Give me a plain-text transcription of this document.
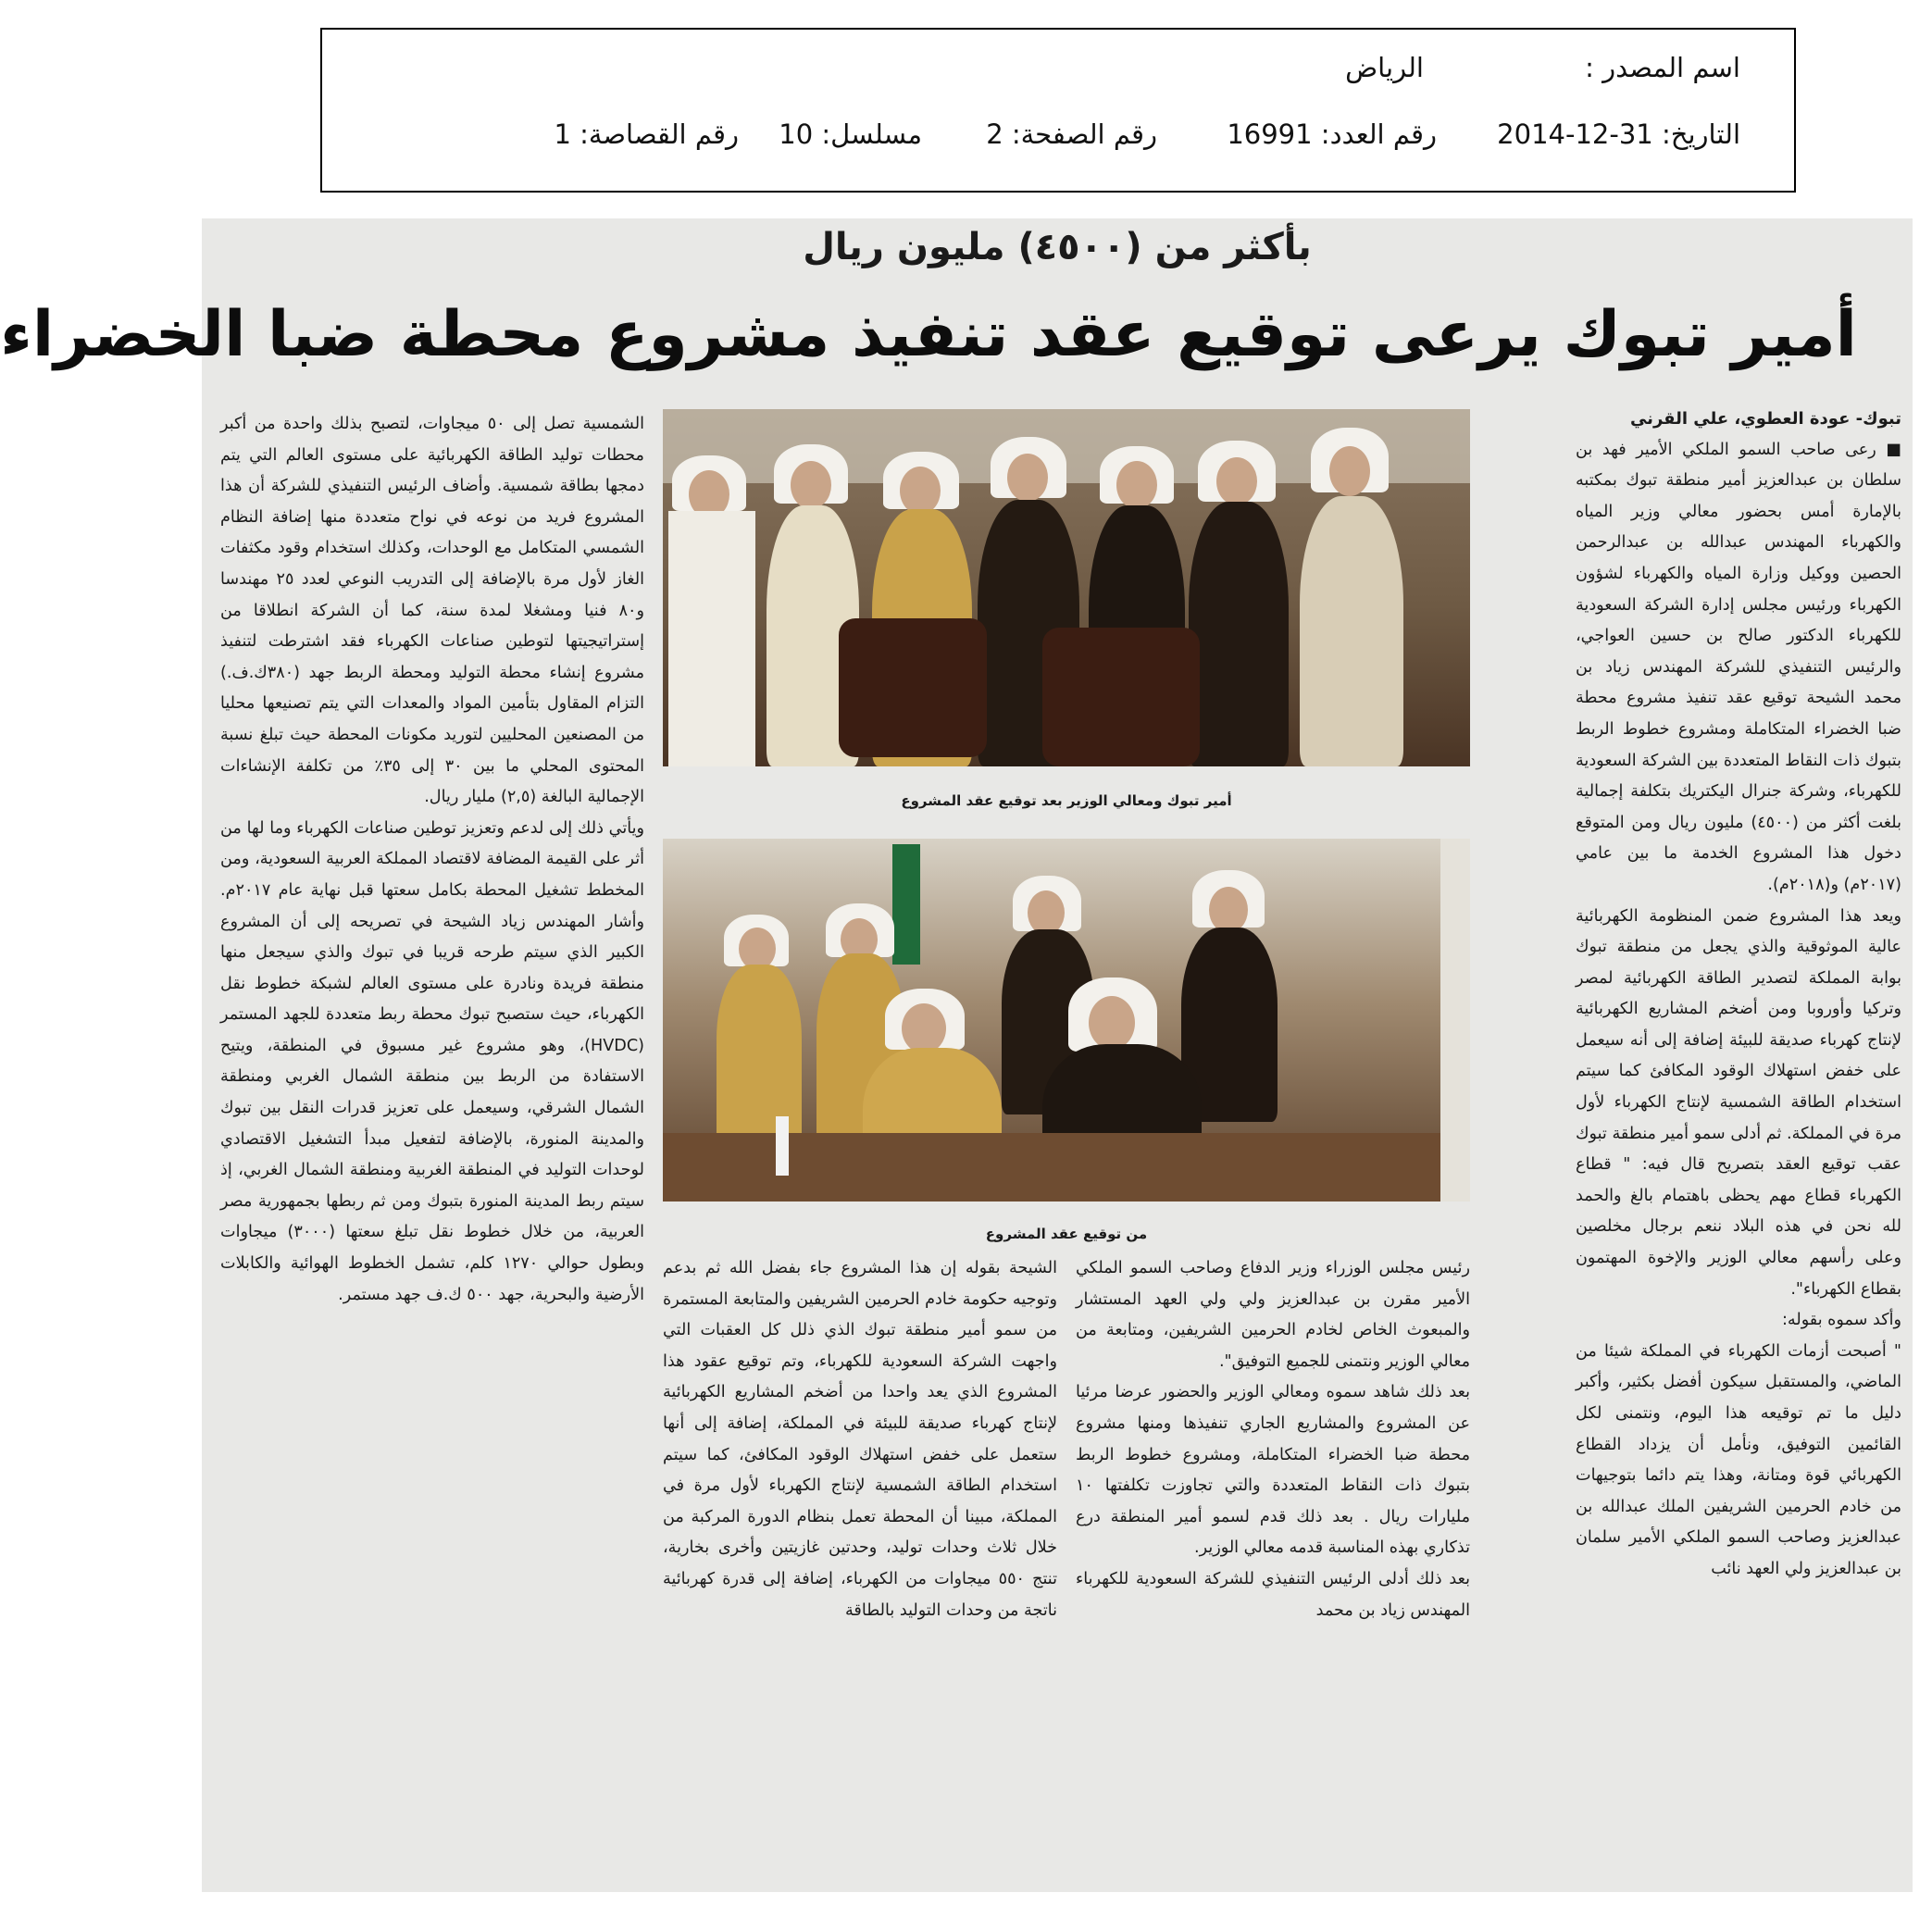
اسم المصدر :
الرياض
التاريخ: 31-12-2014
رقم العدد: 16991
رقم الصفحة: 2
مسلسل: 10
رقم القصاصة: 1
بأكثر من (٤٥٠٠) مليون ريال
أمير تبوك يرعى توقيع عقد تنفيذ مشروع محطة ضبا الخضراء

تبوك- عودة العطوي، علي القرني

■ رعى صاحب السمو الملكي الأمير فهد بن سلطان بن عبدالعزيز أمير منطقة تبوك بمكتبه بالإمارة أمس بحضور معالي وزير المياه والكهرباء المهندس عبدالله بن عبدالرحمن الحصين ووكيل وزارة المياه والكهرباء لشؤون الكهرباء ورئيس مجلس إدارة الشركة السعودية للكهرباء الدكتور صالح بن حسين العواجي، والرئيس التنفيذي للشركة المهندس زياد بن محمد الشيحة توقيع عقد تنفيذ مشروع محطة ضبا الخضراء المتكاملة ومشروع خطوط الربط بتبوك ذات النقاط المتعددة بين الشركة السعودية للكهرباء، وشركة جنرال اليكتريك بتكلفة إجمالية بلغت أكثر من (٤٥٠٠) مليون ريال ومن المتوقع دخول هذا المشروع الخدمة ما بين عامي (٢٠١٧م) و(٢٠١٨م).

ويعد هذا المشروع ضمن المنظومة الكهربائية عالية الموثوقية والذي يجعل من منطقة تبوك بوابة المملكة لتصدير الطاقة الكهربائية لمصر وتركيا وأوروبا ومن أضخم المشاريع الكهربائية لإنتاج كهرباء صديقة للبيئة إضافة إلى أنه سيعمل على خفض استهلاك الوقود المكافئ كما سيتم استخدام الطاقة الشمسية لإنتاج الكهرباء لأول مرة في المملكة. ثم أدلى سمو أمير منطقة تبوك عقب توقيع العقد بتصريح قال فيه: " قطاع الكهرباء قطاع مهم يحظى باهتمام بالغ والحمد لله نحن في هذه البلاد ننعم برجال مخلصين وعلى رأسهم معالي الوزير والإخوة المهتمون بقطاع الكهرباء".

وأكد سموه بقوله:

" أصبحت أزمات الكهرباء في المملكة شيئا من الماضي، والمستقبل سيكون أفضل بكثير، وأكبر دليل ما تم توقيعه هذا اليوم، ونتمنى لكل القائمين التوفيق، ونأمل أن يزداد القطاع الكهربائي قوة ومتانة، وهذا يتم دائما بتوجيهات من خادم الحرمين الشريفين الملك عبدالله بن عبدالعزيز وصاحب السمو الملكي الأمير سلمان بن عبدالعزيز ولي العهد نائب

أمير تبوك ومعالي الوزير بعد توقيع عقد المشروع
من توقيع عقد المشروع

رئيس مجلس الوزراء وزير الدفاع وصاحب السمو الملكي الأمير مقرن بن عبدالعزيز ولي ولي العهد المستشار والمبعوث الخاص لخادم الحرمين الشريفين، ومتابعة من معالي الوزير ونتمنى للجميع التوفيق".

بعد ذلك شاهد سموه ومعالي الوزير والحضور عرضا مرئيا عن المشروع والمشاريع الجاري تنفيذها ومنها مشروع محطة ضبا الخضراء المتكاملة، ومشروع خطوط الربط بتبوك ذات النقاط المتعددة والتي تجاوزت تكلفتها ١٠ مليارات ريال . بعد ذلك قدم لسمو أمير المنطقة درع تذكاري بهذه المناسبة قدمه معالي الوزير.

بعد ذلك أدلى الرئيس التنفيذي للشركة السعودية للكهرباء المهندس زياد بن محمد

الشيحة بقوله إن هذا المشروع جاء بفضل الله ثم بدعم وتوجيه حكومة خادم الحرمين الشريفين والمتابعة المستمرة من سمو أمير منطقة تبوك الذي ذلل كل العقبات التي واجهت الشركة السعودية للكهرباء، وتم توقيع عقود هذا المشروع الذي يعد واحدا من أضخم المشاريع الكهربائية لإنتاج كهرباء صديقة للبيئة في المملكة، إضافة إلى أنها ستعمل على خفض استهلاك الوقود المكافئ، كما سيتم استخدام الطاقة الشمسية لإنتاج الكهرباء لأول مرة في المملكة، مبينا أن المحطة تعمل بنظام الدورة المركبة من خلال ثلاث وحدات توليد، وحدتين غازيتين وأخرى بخارية، تنتج ٥٥٠ ميجاوات من الكهرباء، إضافة إلى قدرة كهربائية ناتجة من وحدات التوليد بالطاقة

الشمسية تصل إلى ٥٠ ميجاوات، لتصبح بذلك واحدة من أكبر محطات توليد الطاقة الكهربائية على مستوى العالم التي يتم دمجها بطاقة شمسية. وأضاف الرئيس التنفيذي للشركة أن هذا المشروع فريد من نوعه في نواح متعددة منها إضافة النظام الشمسي المتكامل مع الوحدات، وكذلك استخدام وقود مكثفات الغاز لأول مرة بالإضافة إلى التدريب النوعي لعدد ٢٥ مهندسا و٨٠ فنيا ومشغلا لمدة سنة، كما أن الشركة انطلاقا من إستراتيجيتها لتوطين صناعات الكهرباء فقد اشترطت لتنفيذ مشروع إنشاء محطة التوليد ومحطة الربط جهد (٣٨٠ك.ف.) التزام المقاول بتأمين المواد والمعدات التي يتم تصنيعها محليا من المصنعين المحليين لتوريد مكونات المحطة حيث تبلغ نسبة المحتوى المحلي ما بين ٣٠ إلى ٣٥٪ من تكلفة الإنشاءات الإجمالية البالغة (٢,٥) مليار ريال.

ويأتي ذلك إلى لدعم وتعزيز توطين صناعات الكهرباء وما لها من أثر على القيمة المضافة لاقتصاد المملكة العربية السعودية، ومن المخطط تشغيل المحطة بكامل سعتها قبل نهاية عام ٢٠١٧م. وأشار المهندس زياد الشيحة في تصريحه إلى أن المشروع الكبير الذي سيتم طرحه قريبا في تبوك والذي سيجعل منها منطقة فريدة ونادرة على مستوى العالم لشبكة خطوط نقل الكهرباء، حيث ستصبح تبوك محطة ربط متعددة للجهد المستمر (HVDC)، وهو مشروع غير مسبوق في المنطقة، ويتيح الاستفادة من الربط بين منطقة الشمال الغربي ومنطقة الشمال الشرقي، وسيعمل على تعزيز قدرات النقل بين تبوك والمدينة المنورة، بالإضافة لتفعيل مبدأ التشغيل الاقتصادي لوحدات التوليد في المنطقة الغربية ومنطقة الشمال الغربي، إذ سيتم ربط المدينة المنورة بتبوك ومن ثم ربطها بجمهورية مصر العربية، من خلال خطوط نقل تبلغ سعتها (٣٠٠٠) ميجاوات وبطول حوالي ١٢٧٠ كلم، تشمل الخطوط الهوائية والكابلات الأرضية والبحرية، جهد ٥٠٠ ك.ف جهد مستمر.
